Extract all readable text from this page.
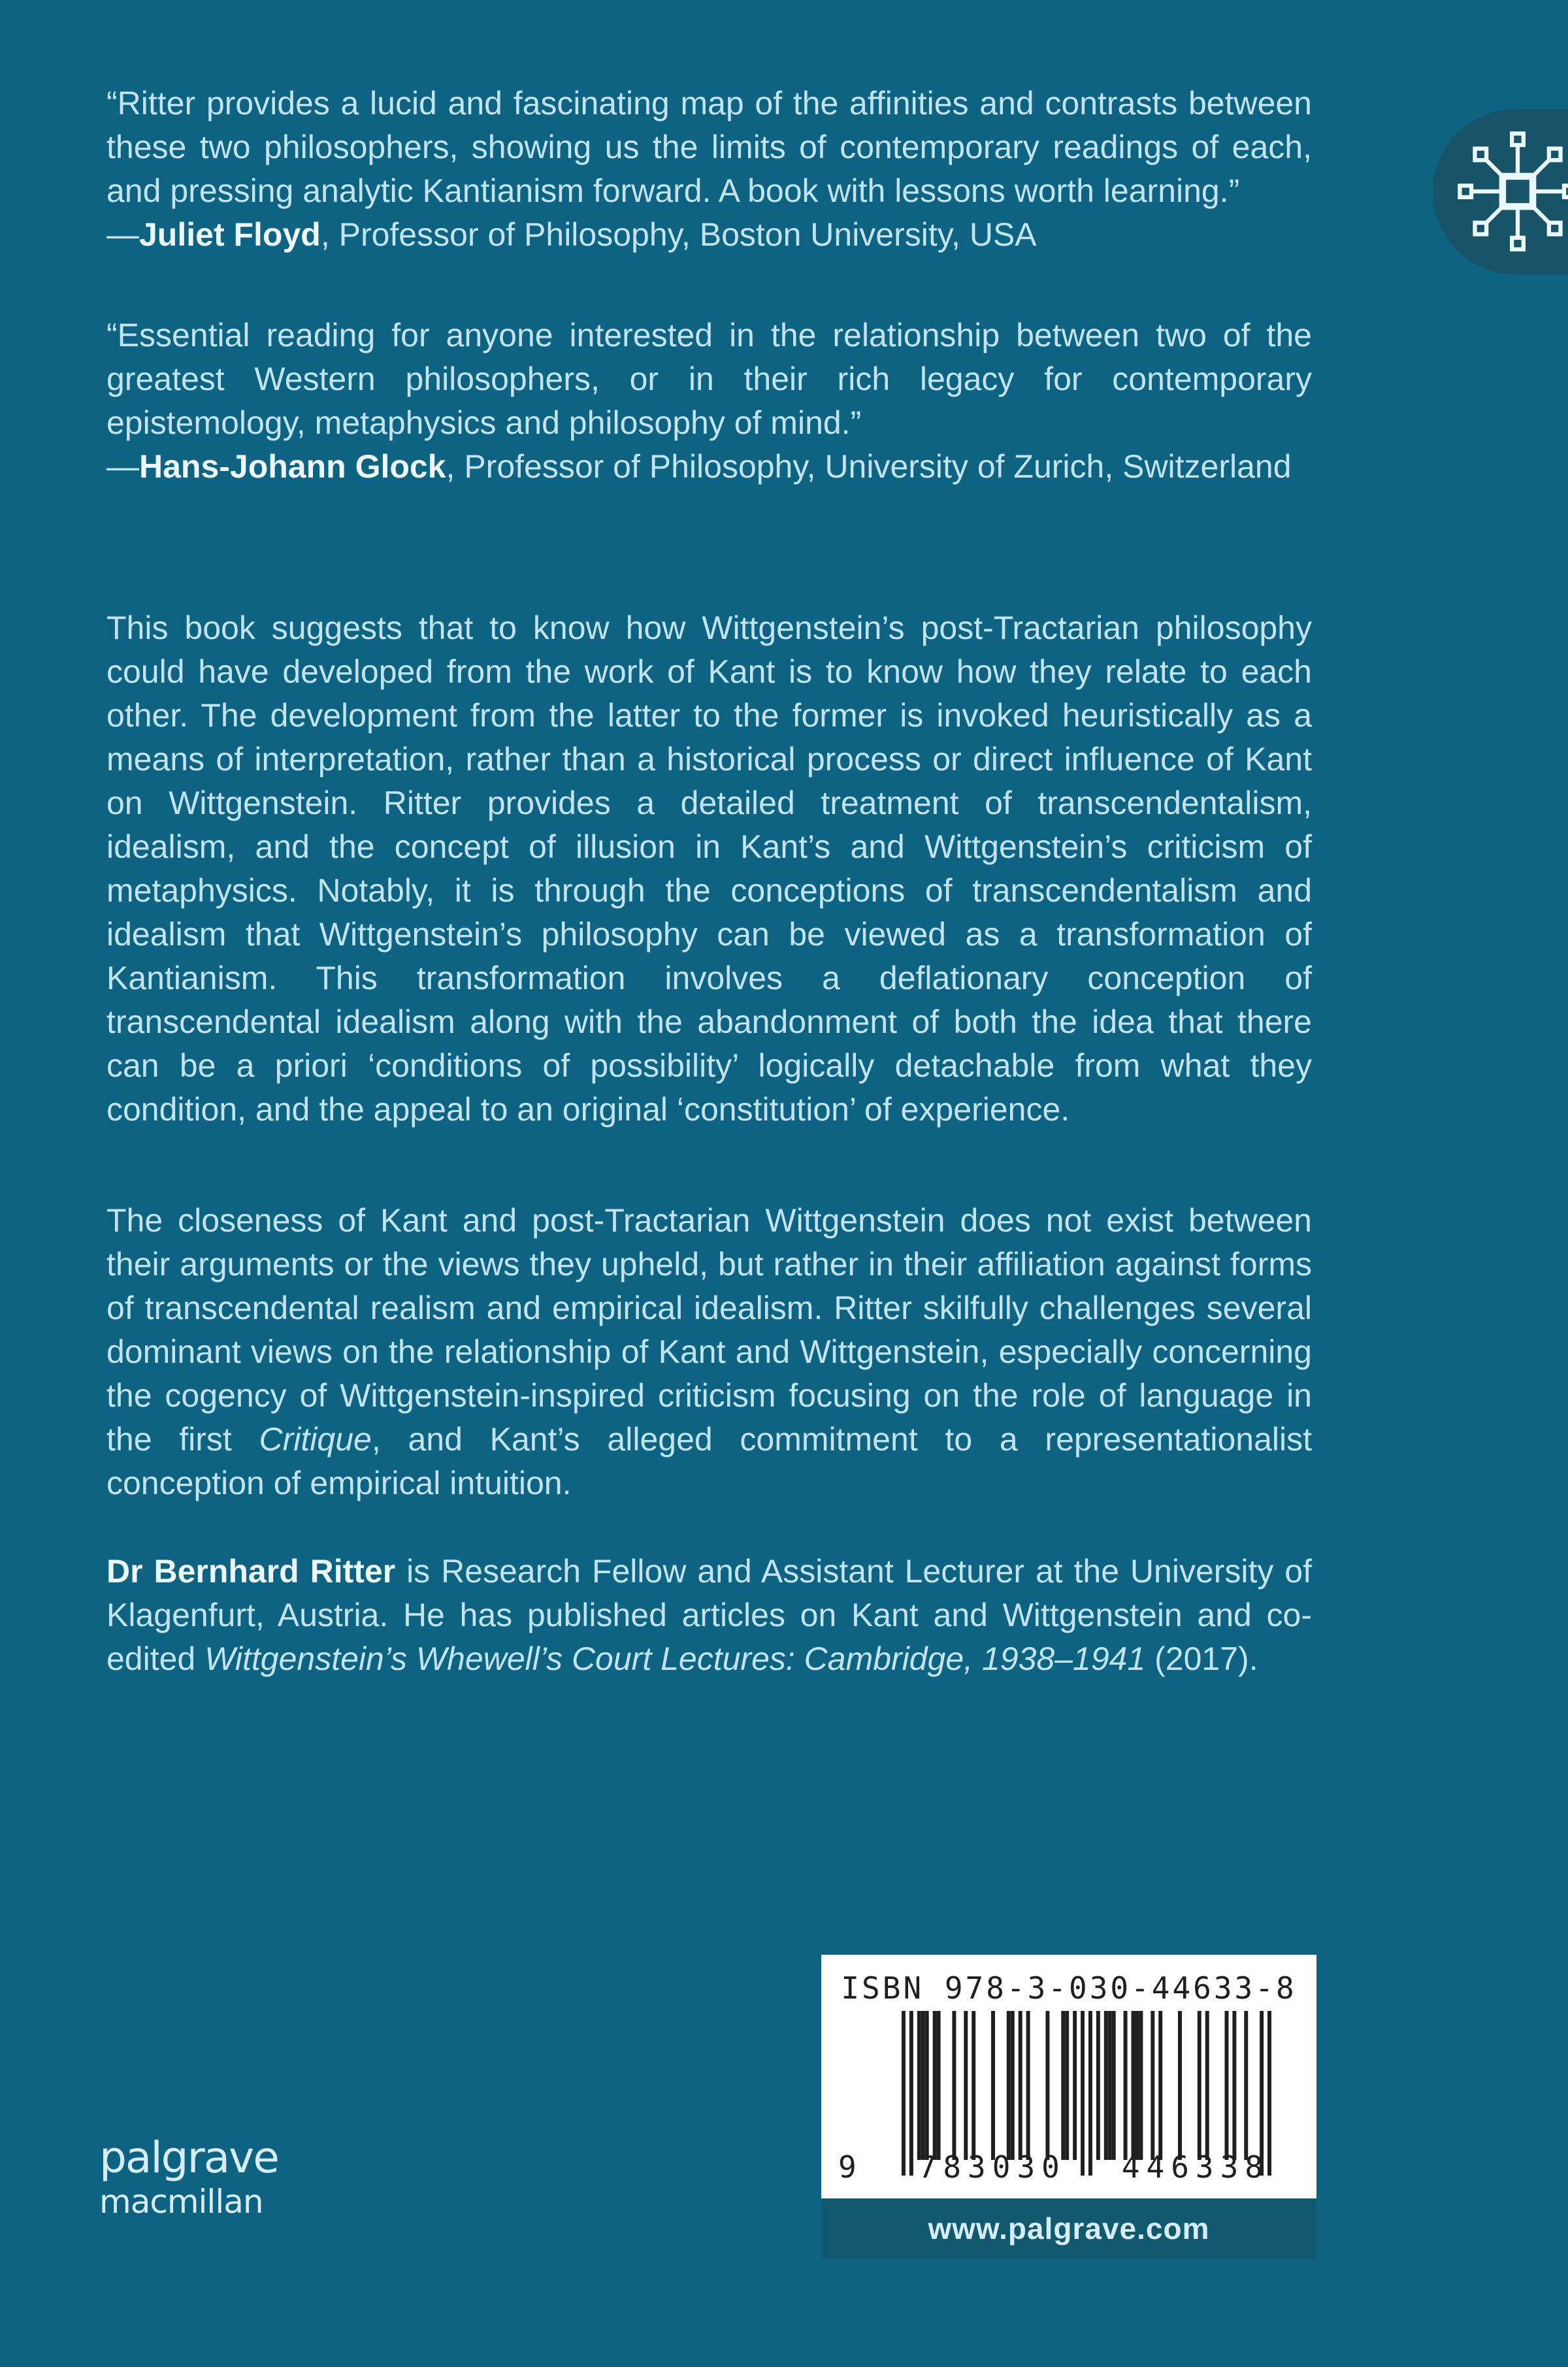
“Ritter provides a lucid and fascinating map of the affinities and contrasts between these two philosophers, showing us the limits of contemporary readings of each, and pressing analytic Kantianism forward. A book with lessons worth learning.”

—Juliet Floyd, Professor of Philosophy, Boston University, USA

“Essential reading for anyone interested in the relationship between two of the greatest Western philosophers, or in their rich legacy for contemporary epistemology, metaphysics and philosophy of mind.”

—Hans-Johann Glock, Professor of Philosophy, University of Zurich, Switzerland

This book suggests that to know how Wittgenstein’s post-Tractarian philosophy could have developed from the work of Kant is to know how they relate to each other. The development from the latter to the former is invoked heuristically as a means of interpretation, rather than a historical process or direct influence of Kant on Wittgenstein. Ritter provides a detailed treatment of transcendentalism, idealism, and the concept of illusion in Kant’s and Wittgenstein’s criticism of metaphysics. Notably, it is through the conceptions of transcendentalism and idealism that Wittgenstein’s philosophy can be viewed as a transformation of Kantianism. This transformation involves a deflationary conception of transcendental idealism along with the abandonment of both the idea that there can be a priori ‘conditions of possibility’ logically detachable from what they condition, and the appeal to an original ‘constitution’ of experience.

The closeness of Kant and post-Tractarian Wittgenstein does not exist between their arguments or the views they upheld, but rather in their affiliation against forms of transcendental realism and empirical idealism. Ritter skilfully challenges several dominant views on the relationship of Kant and Wittgenstein, especially concerning the cogency of Wittgenstein-inspired criticism focusing on the role of language in the first Critique, and Kant’s alleged commitment to a representationalist conception of empirical intuition.

Dr Bernhard Ritter is Research Fellow and Assistant Lecturer at the University of Klagenfurt, Austria. He has published articles on Kant and Wittgenstein and co-edited Wittgenstein’s Whewell’s Court Lectures: Cambridge, 1938–1941 (2017).

ISBN 978-3-030-44633-8
9 783030 446338
www.palgrave.com
palgrave
macmillan
